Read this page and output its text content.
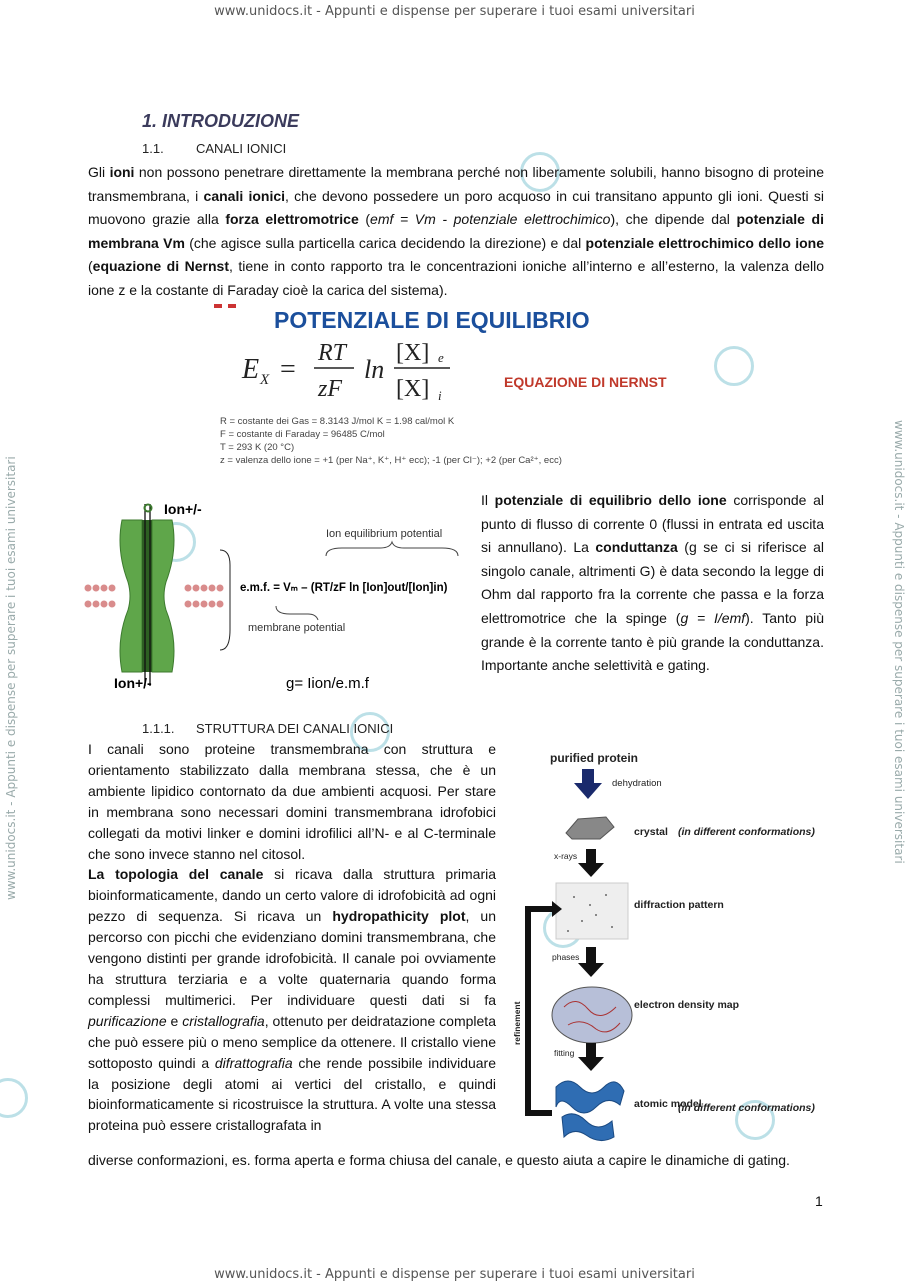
www.unidocs.it - Appunti e dispense per superare i tuoi esami universitari
www.unidocs.it - Appunti e dispense per superare i tuoi esami universitari
www.unidocs.it - Appunti e dispense per superare i tuoi esami universitari	www.unidocs.it - Appunti e dispense per superare i tuoi esami universitari
1. INTRODUZIONE
1.1. CANALI IONICI
Gli ioni non possono penetrare direttamente la membrana perché non liberamente solubili, hanno bisogno di proteine transmembrana, i canali ionici, che devono possedere un poro acquoso in cui transitano appunto gli ioni. Questi si muovono grazie alla forza elettromotrice (emf = Vm - potenziale elettrochimico), che dipende dal potenziale di membrana Vm (che agisce sulla particella carica decidendo la direzione) e dal potenziale elettrochimico dello ione (equazione di Nernst, tiene in conto rapporto tra le concentrazioni ioniche all’interno e all’esterno, la valenza dello ione z e la costante di Faraday cioè la carica del sistema).
POTENZIALE DI EQUILIBRIO
E X =
RT
zF
ln
[X] e
[X] i
EQUAZIONE DI NERNST
R = costante dei Gas = 8.3143 J/mol K = 1.98 cal/mol K
F = costante di Faraday = 96485 C/mol
T = 293 K (20 °C)
z = valenza dello ione = +1 (per Na⁺, K⁺, H⁺ ecc); -1 (per Cl⁻); +2 (per Ca²⁺, ecc)
Ion+/-
Ion+/-
Ion equilibrium potential
e.m.f. = Vₘ – (RT/zF ln [Ion]out/[Ion]in)
membrane potential
g= Iion/e.m.f
Il potenziale di equilibrio dello ione corrisponde al punto di flusso di corrente 0 (flussi in entrata ed uscita si annullano). La conduttanza (g se ci si riferisce al singolo canale, altrimenti G) è data secondo la legge di Ohm dal rapporto fra la corrente che passa e la forza elettromotrice che la spinge (g = I/emf). Tanto più grande è la corrente tanto è più grande la conduttanza. Importante anche selettività e gating.
1.1.1. STRUTTURA DEI CANALI IONICI
I canali sono proteine transmembrana con struttura e orientamento stabilizzato dalla membrana stessa, che è un ambiente lipidico contornato da due ambienti acquosi. Per stare in membrana sono necessari domini transmembrana idrofobici collegati da motivi linker e domini idrofilici all’N- e al C-terminale che sono invece stanno nel citosol.
La topologia del canale si ricava dalla struttura primaria bioinformaticamente, dando un certo valore di idrofobicità ad ogni pezzo di sequenza. Si ricava un hydropathicity plot, un percorso con picchi che evidenziano domini transmembrana, che vengono distinti per grande idrofobicità. Il canale poi ovviamente ha struttura terziaria e a volte quaternaria quando forma complessi multimerici. Per individuare questi dati si fa purificazione e cristallografia, ottenuto per deidratazione completa che può essere più o meno semplice da ottenere. Il cristallo viene sottoposto quindi a difrattografia che rende possibile individuare la posizione degli atomi ai vertici del cristallo, e quindi bioinformaticamente si ricostruisce la struttura. A volte una stessa proteina può essere cristallografata in
diverse conformazioni, es. forma aperta e forma chiusa del canale, e questo aiuta a capire le dinamiche di gating.
purified protein
dehydration
crystal (in different conformations)
x-rays
diffraction pattern
phases
electron density map
fitting
atomic model
(in different conformations)
refinement
1
